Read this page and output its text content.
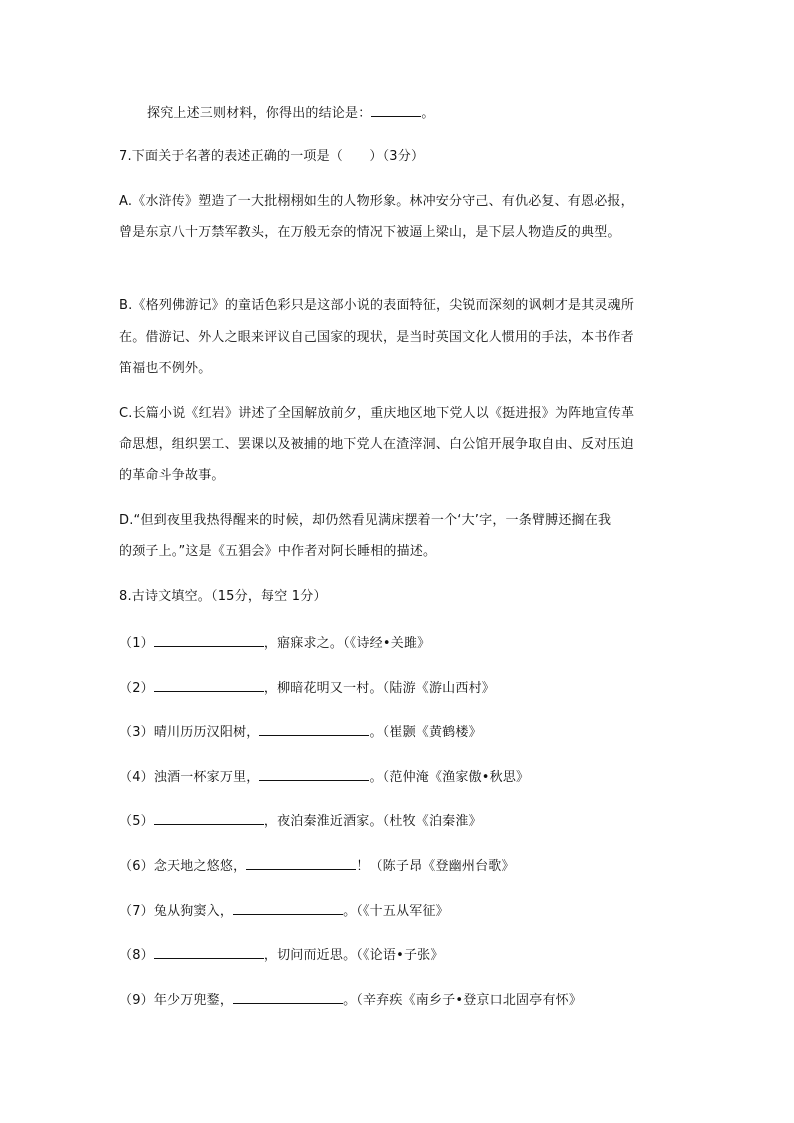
探究上述三则材料，你得出的结论是：	。
7.下面关于名著的表述正确的一项是（　　）（3分）
A.《水浒传》塑造了一大批栩栩如生的人物形象。林冲安分守己、有仇必复、有恩必报，
曾是东京八十万禁军教头，在万般无奈的情况下被逼上梁山，是下层人物造反的典型。
B.《格列佛游记》的童话色彩只是这部小说的表面特征，尖锐而深刻的讽刺才是其灵魂所
在。借游记、外人之眼来评议自己国家的现状，是当时英国文化人惯用的手法，本书作者
笛福也不例外。
C.长篇小说《红岩》讲述了全国解放前夕，重庆地区地下党人以《挺进报》为阵地宣传革
命思想，组织罢工、罢课以及被捕的地下党人在渣滓洞、白公馆开展争取自由、反对压迫
的革命斗争故事。
D.“但到夜里我热得醒来的时候，却仍然看见满床摆着一个‘大’字，一条臂膊还搁在我
的颈子上。”这是《五猖会》中作者对阿长睡相的描述。
8.古诗文填空。（15分，每空 1分）
（1）	，寤寐求之。（《诗经•关雎》
（2）	，柳暗花明又一村。（陆游《游山西村》
（3）晴川历历汉阳树，	。（崔颢《黄鹤楼》
（4）浊酒一杯家万里，	。（范仲淹《渔家傲•秋思》
（5）	，夜泊秦淮近酒家。（杜牧《泊秦淮》
（6）念天地之悠悠，	！（陈子昂《登幽州台歌》
（7）兔从狗窦入，	。（《十五从军征》
（8）	，切问而近思。（《论语•子张》
（9）年少万兜鍪，	。（辛弃疾《南乡子•登京口北固亭有怀》
